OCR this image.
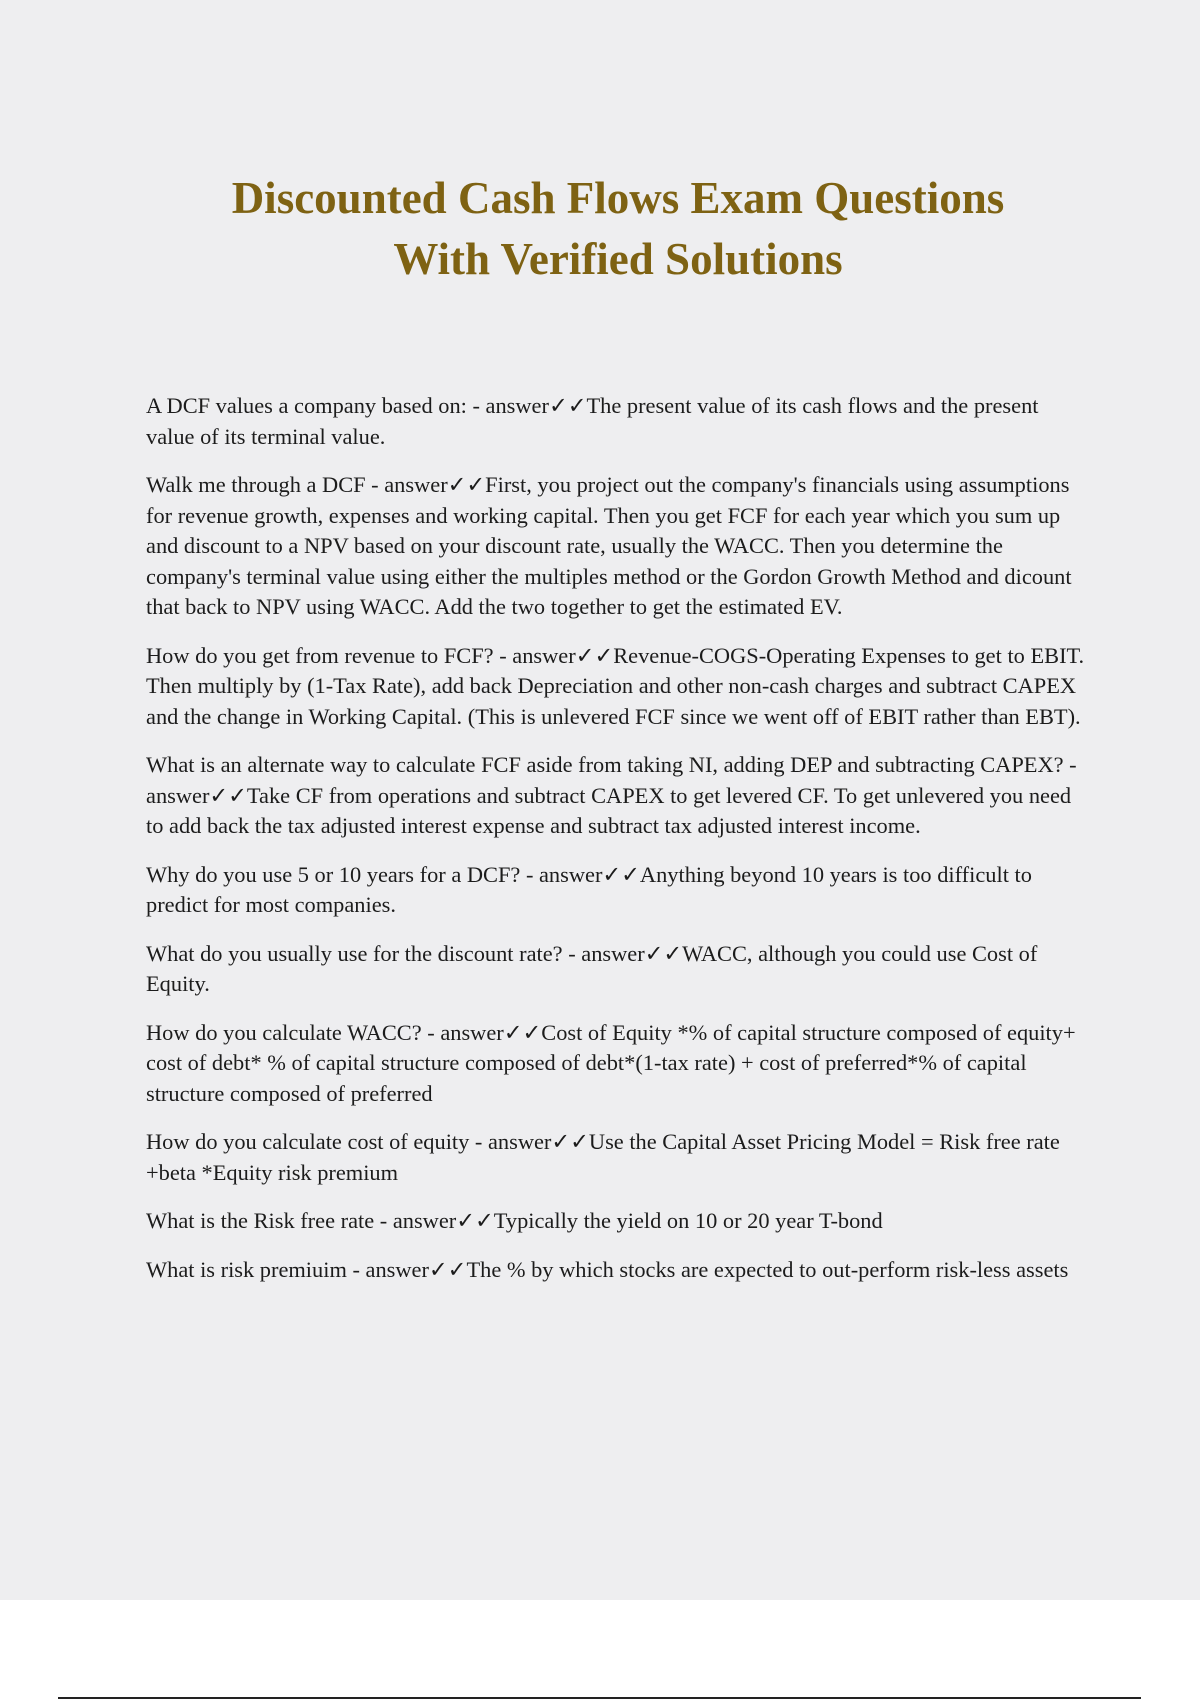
Discounted Cash Flows Exam Questions
With Verified Solutions
A DCF values a company based on: - answer✓✓The present value of its cash flows and the present value of its terminal value.
Walk me through a DCF - answer✓✓First, you project out the company's financials using assumptions for revenue growth, expenses and working capital. Then you get FCF for each year which you sum up and discount to a NPV based on your discount rate, usually the WACC. Then you determine the company's terminal value using either the multiples method or the Gordon Growth Method and dicount that back to NPV using WACC. Add the two together to get the estimated EV.
How do you get from revenue to FCF? - answer✓✓Revenue-COGS-Operating Expenses to get to EBIT. Then multiply by (1-Tax Rate), add back Depreciation and other non-cash charges and subtract CAPEX and the change in Working Capital. (This is unlevered FCF since we went off of EBIT rather than EBT).
What is an alternate way to calculate FCF aside from taking NI, adding DEP and subtracting CAPEX? - answer✓✓Take CF from operations and subtract CAPEX to get levered CF. To get unlevered you need to add back the tax adjusted interest expense and subtract tax adjusted interest income.
Why do you use 5 or 10 years for a DCF? - answer✓✓Anything beyond 10 years is too difficult to predict for most companies.
What do you usually use for the discount rate? - answer✓✓WACC, although you could use Cost of Equity.
How do you calculate WACC? - answer✓✓Cost of Equity *% of capital structure composed of equity+ cost of debt* % of capital structure composed of debt*(1-tax rate) + cost of preferred*% of capital structure composed of preferred
How do you calculate cost of equity - answer✓✓Use the Capital Asset Pricing Model = Risk free rate +beta *Equity risk premium
What is the Risk free rate - answer✓✓Typically the yield on 10 or 20 year T-bond
What is risk premiuim - answer✓✓The % by which stocks are expected to out-perform risk-less assets
